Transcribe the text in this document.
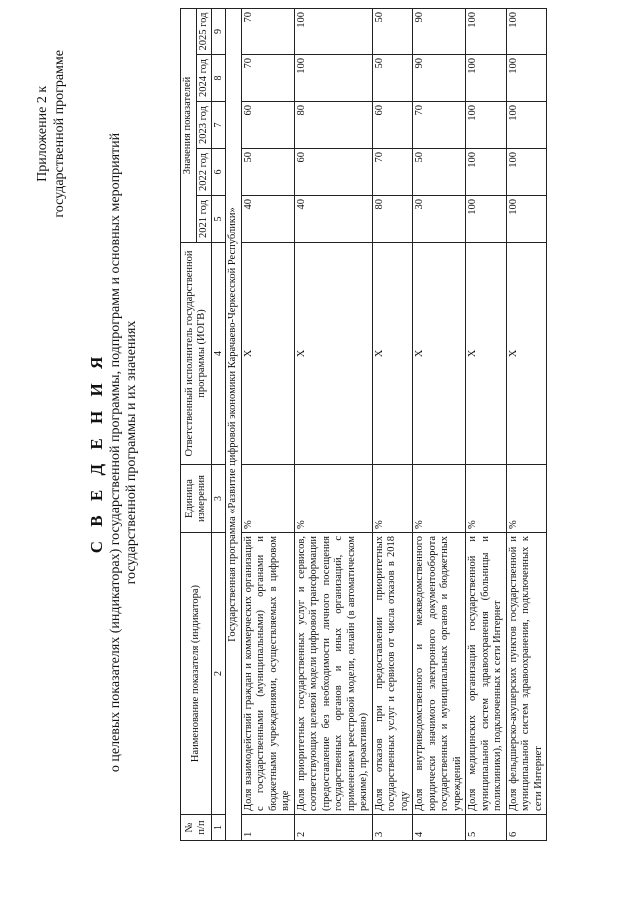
Приложение 2 к государственной программе
С В Е Д Е Н И Я о целевых показателях (индикаторах) государственной программы, подпрограмм и основных мероприятий государственной программы и их значениях
№ п/п	Наименование показателя (индикатора)	Единица измерения	Ответственный исполнитель государственной программы (ИОГВ)	Значения показателей				
				2021 год	2022 год	2023 год	2024 год	2025 год
1	2	3	4	5	6	7	8	9
Государственная программа «Развитие цифровой экономики Карачаево-Черкесской Республики»								
1	Доля взаимодействий граждан и коммерческих организаций с государственными (муниципальными) органами и бюджетными учреждениями, осуществляемых в цифровом виде	%	Х	40	50	60	70	70
2	Доля приоритетных государственных услуг и сервисов, соответствующих целевой модели цифровой трансформации (предоставление без необходимости личного посещения государственных органов и иных организаций, с применением реестровой модели, онлайн (в автоматическом режиме), проактивно)	%	Х	40	60	80	100	100
3	Доля отказов при предоставлении приоритетных государственных услуг и сервисов от числа отказов в 2018 году	%	Х	80	70	60	50	50
4	Доля внутриведомственного и межведомственного юридически значимого электронного документооборота государственных и муниципальных органов и бюджетных учреждений	%	Х	30	50	70	90	90
5	Доля медицинских организаций государственной и муниципальной систем здравоохранения (больницы и поликлиники), подключенных к сети Интернет	%	Х	100	100	100	100	100
6	Доля фельдшерско-акушерских пунктов государственной и муниципальной систем здравоохранения, подключенных к сети Интернет	%	Х	100	100	100	100	100
